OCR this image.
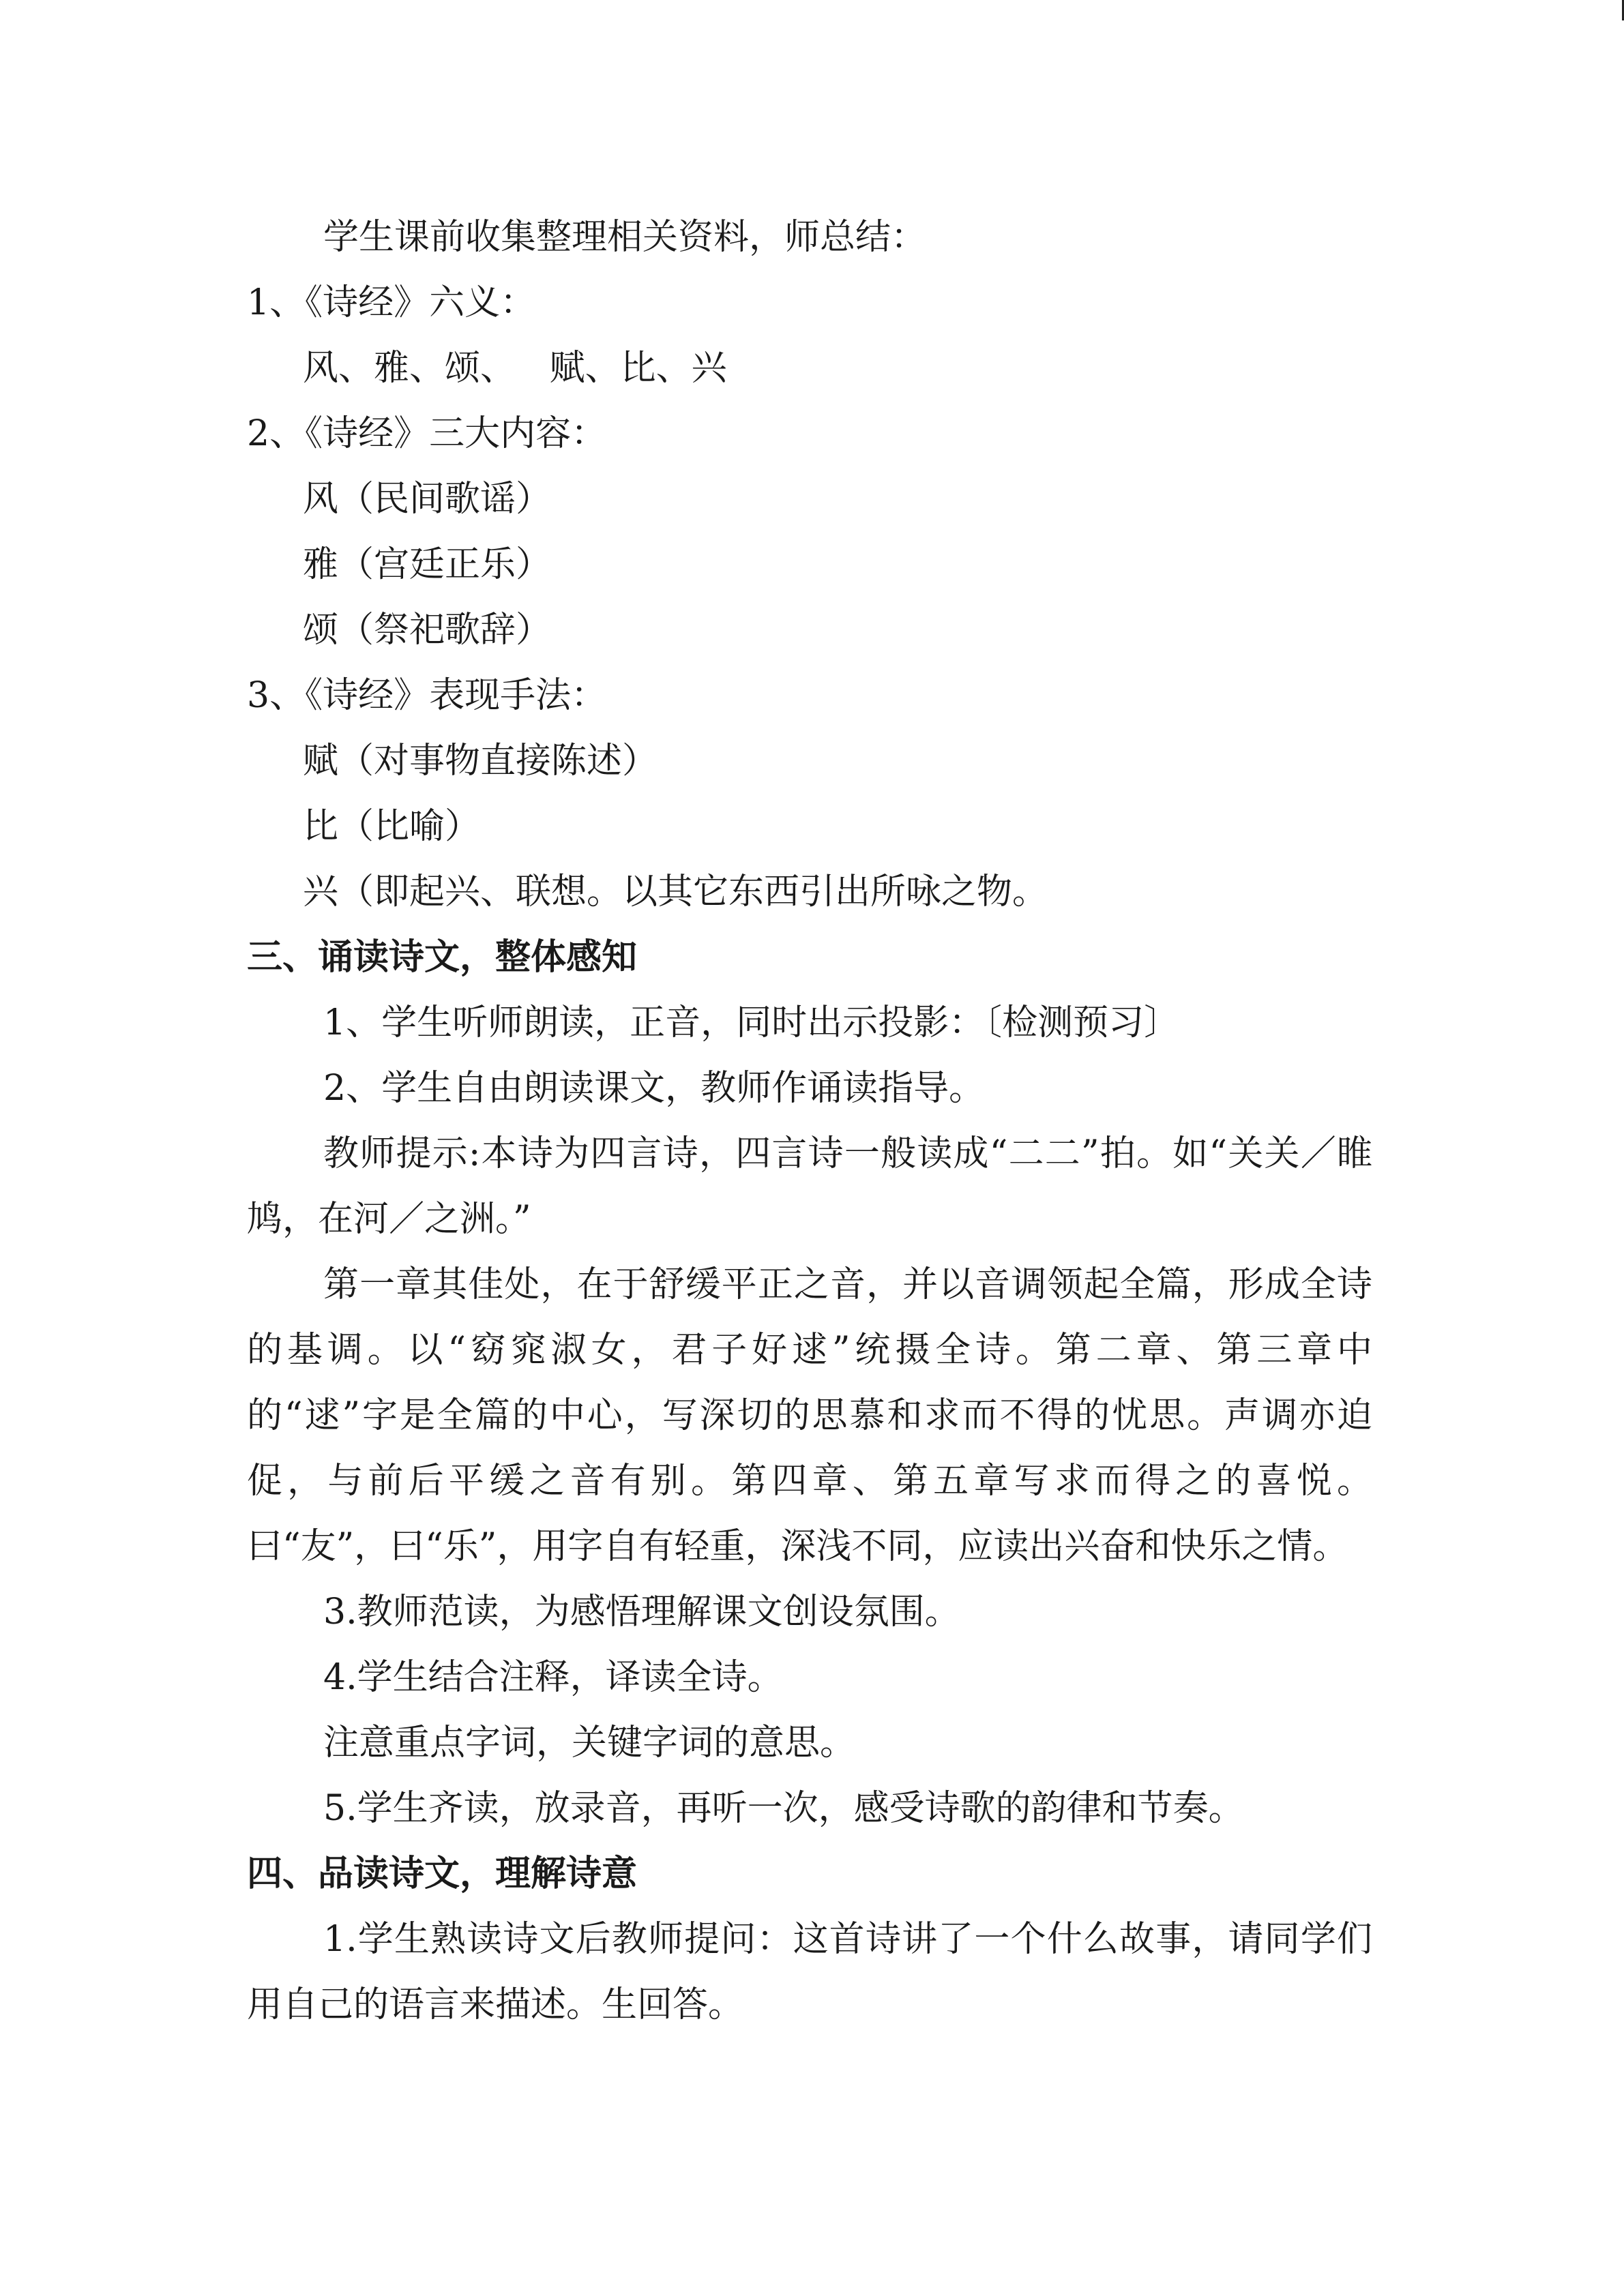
学生课前收集整理相关资料，师总结：
1、《诗经》六义：
风、雅、颂、   赋、比、兴
2、《诗经》三大内容：
风（民间歌谣）
雅（宫廷正乐）
颂（祭祀歌辞）
3、《诗经》表现手法：
赋（对事物直接陈述）
比（比喻）
兴（即起兴、联想。以其它东西引出所咏之物。
三、诵读诗文，整体感知
1、学生听师朗读，正音，同时出示投影：〔检测预习〕
2、学生自由朗读课文，教师作诵读指导。
教师提示:本诗为四言诗，四言诗一般读成“二二”拍。如“关关／睢鸠，在河／之洲。”
第一章其佳处，在于舒缓平正之音，并以音调领起全篇，形成全诗的基调。以“窈窕淑女，君子好逑”统摄全诗。第二章、第三章中的“逑”字是全篇的中心，写深切的思慕和求而不得的忧思。声调亦迫促，与前后平缓之音有别。第四章、第五章写求而得之的喜悦。曰“友”，曰“乐”，用字自有轻重，深浅不同，应读出兴奋和快乐之情。
3.教师范读，为感悟理解课文创设氛围。
4.学生结合注释，译读全诗。
注意重点字词，关键字词的意思。
5.学生齐读，放录音，再听一次，感受诗歌的韵律和节奏。
四、品读诗文，理解诗意
1.学生熟读诗文后教师提问：这首诗讲了一个什么故事，请同学们用自己的语言来描述。生回答。
